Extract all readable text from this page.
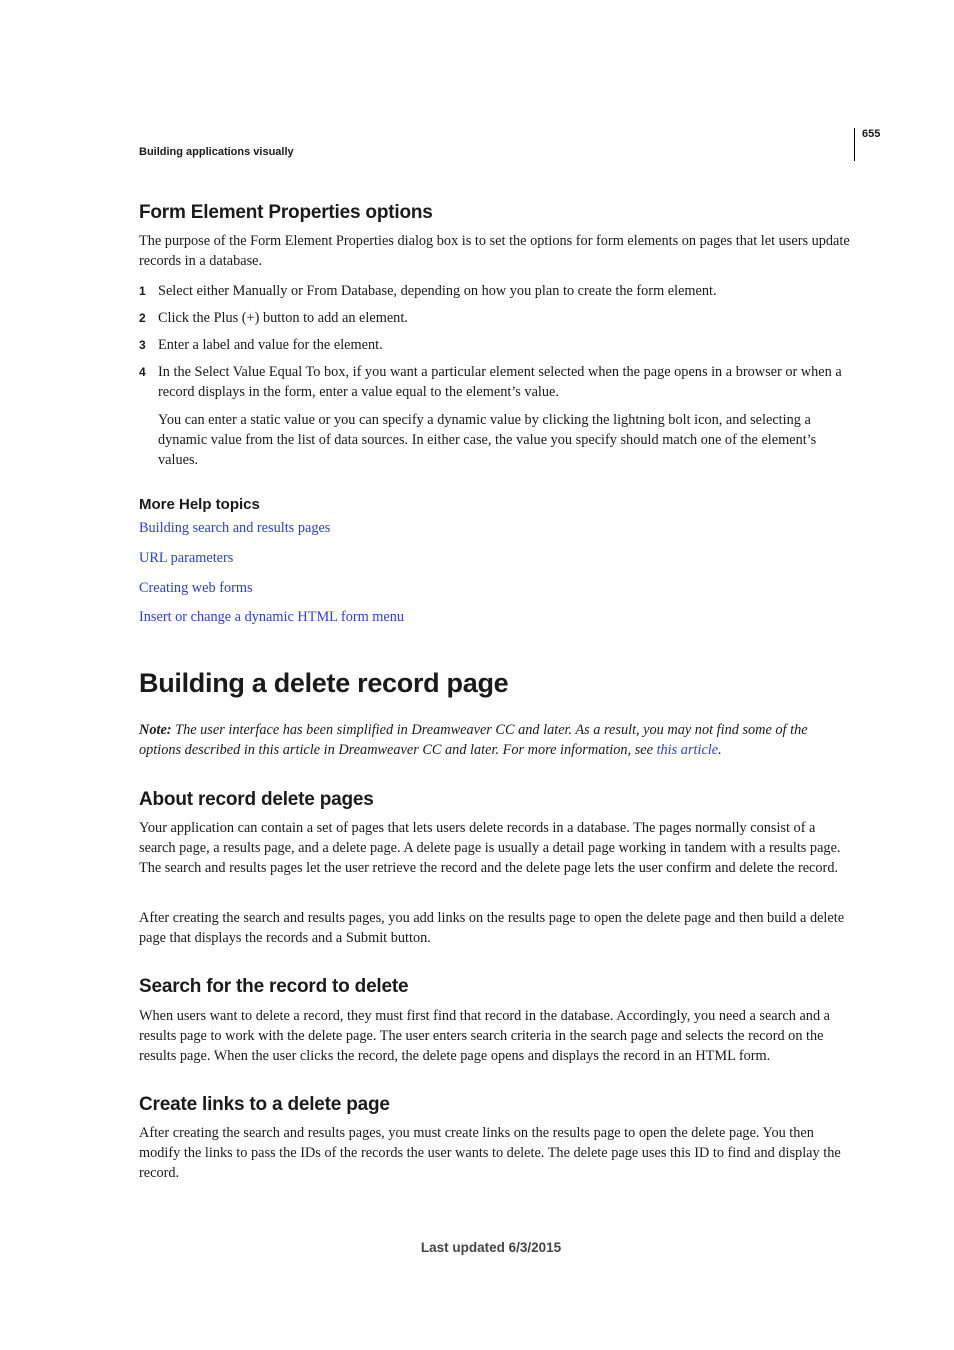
Building applications visually
655
Form Element Properties options
The purpose of the Form Element Properties dialog box is to set the options for form elements on pages that let users update records in a database.
1 Select either Manually or From Database, depending on how you plan to create the form element.
2 Click the Plus (+) button to add an element.
3 Enter a label and value for the element.
4 In the Select Value Equal To box, if you want a particular element selected when the page opens in a browser or when a record displays in the form, enter a value equal to the element’s value.
You can enter a static value or you can specify a dynamic value by clicking the lightning bolt icon, and selecting a dynamic value from the list of data sources. In either case, the value you specify should match one of the element’s values.
More Help topics
Building search and results pages
URL parameters
Creating web forms
Insert or change a dynamic HTML form menu
Building a delete record page
Note: The user interface has been simplified in Dreamweaver CC and later. As a result, you may not find some of the options described in this article in Dreamweaver CC and later. For more information, see this article.
About record delete pages
Your application can contain a set of pages that lets users delete records in a database. The pages normally consist of a search page, a results page, and a delete page. A delete page is usually a detail page working in tandem with a results page. The search and results pages let the user retrieve the record and the delete page lets the user confirm and delete the record.
After creating the search and results pages, you add links on the results page to open the delete page and then build a delete page that displays the records and a Submit button.
Search for the record to delete
When users want to delete a record, they must first find that record in the database. Accordingly, you need a search and a results page to work with the delete page. The user enters search criteria in the search page and selects the record on the results page. When the user clicks the record, the delete page opens and displays the record in an HTML form.
Create links to a delete page
After creating the search and results pages, you must create links on the results page to open the delete page. You then modify the links to pass the IDs of the records the user wants to delete. The delete page uses this ID to find and display the record.
Last updated 6/3/2015
